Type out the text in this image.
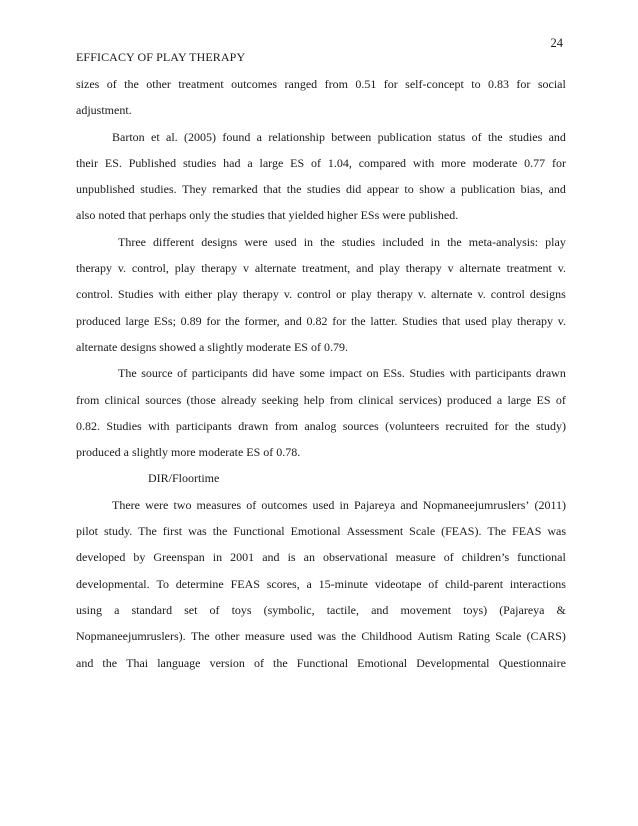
24
EFFICACY OF PLAY THERAPY
sizes of the other treatment outcomes ranged from 0.51 for self-concept to 0.83 for social
adjustment.
Barton et al. (2005) found a relationship between publication status of the studies and
their ES. Published studies had a large ES of 1.04, compared with more moderate 0.77 for
unpublished studies. They remarked that the studies did appear to show a publication bias, and
also noted that perhaps only the studies that yielded higher ESs were published.
Three different designs were used in the studies included in the meta-analysis: play
therapy v. control, play therapy v alternate treatment, and play therapy v alternate treatment v.
control. Studies with either play therapy v. control or play therapy v. alternate v. control designs
produced large ESs; 0.89 for the former, and 0.82 for the latter. Studies that used play therapy v.
alternate designs showed a slightly moderate ES of 0.79.
The source of participants did have some impact on ESs. Studies with participants drawn
from clinical sources (those already seeking help from clinical services) produced a large ES of
0.82. Studies with participants drawn from analog sources (volunteers recruited for the study)
produced a slightly more moderate ES of 0.78.
DIR/Floortime
There were two measures of outcomes used in Pajareya and Nopmaneejumruslers’ (2011)
pilot study. The first was the Functional Emotional Assessment Scale (FEAS). The FEAS was
developed by Greenspan in 2001 and is an observational measure of children’s functional
developmental. To determine FEAS scores, a 15-minute videotape of child-parent interactions
using a standard set of toys (symbolic, tactile, and movement toys) (Pajareya &
Nopmaneejumruslers). The other measure used was the Childhood Autism Rating Scale (CARS)
and the Thai language version of the Functional Emotional Developmental Questionnaire
